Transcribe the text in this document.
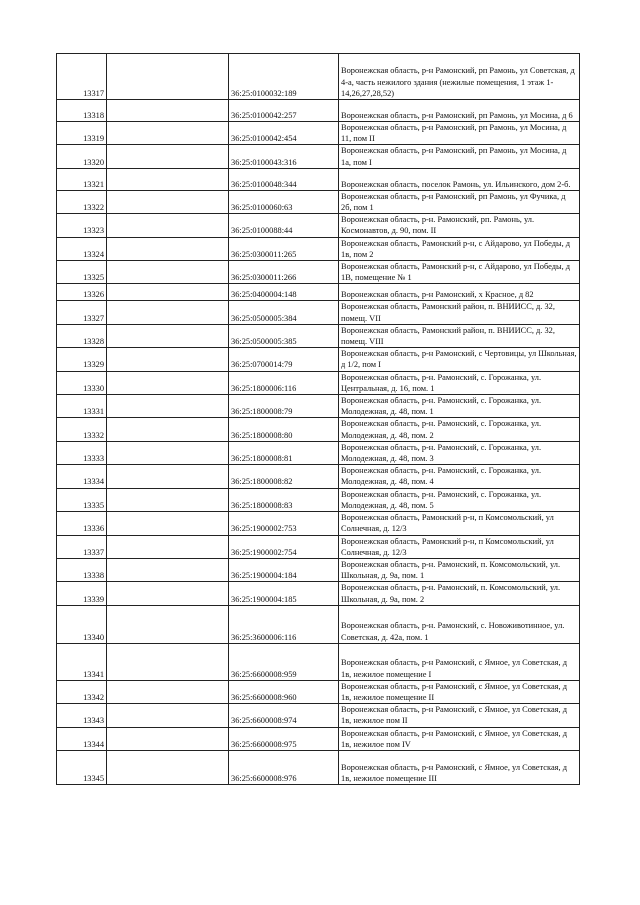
13317		36:25:0100032:189	Воронежская область, р-н Рамонский, рп Рамонь, ул Советская, д 4-а, часть нежилого здания (нежилые помещения, 1 этаж 1-14,26,27,28,52)
13318		36:25:0100042:257	Воронежская область, р-н Рамонский, рп Рамонь, ул Мосина, д 6
13319		36:25:0100042:454	Воронежская область, р-н Рамонский, рп Рамонь, ул Мосина, д 11, пом II
13320		36:25:0100043:316	Воронежская область, р-н Рамонский, рп Рамонь, ул Мосина, д 1а, пом I
13321		36:25:0100048:344	Воронежская область, поселок Рамонь, ул. Ильинского, дом 2-б.
13322		36:25:0100060:63	Воронежская область, р-н Рамонский, рп Рамонь, ул Фучика, д 2б, пом 1
13323		36:25:0100088:44	Воронежская область, р-н. Рамонский, рп. Рамонь, ул. Космонавтов, д. 90, пом. II
13324		36:25:0300011:265	Воронежская область, Рамонский р-н, с Айдарово, ул Победы, д 1в, пом 2
13325		36:25:0300011:266	Воронежская область, Рамонский р-н, с Айдарово, ул Победы, д 1В, помещение № 1
13326		36:25:0400004:148	Воронежская область, р-н Рамонский, х Красное, д 82
13327		36:25:0500005:384	Воронежская область, Рамонский район, п. ВНИИСС, д. 32, помещ. VII
13328		36:25:0500005:385	Воронежская область, Рамонский район, п. ВНИИСС, д. 32, помещ. VIII
13329		36:25:0700014:79	Воронежская область, р-н Рамонский, с Чертовицы, ул Школьная, д 1/2, пом I
13330		36:25:1800006:116	Воронежская область, р-н. Рамонский, с. Горожанка, ул. Центральная, д. 16, пом. 1
13331		36:25:1800008:79	Воронежская область, р-н. Рамонский, с. Горожанка, ул. Молодежная, д. 48, пом. 1
13332		36:25:1800008:80	Воронежская область, р-н. Рамонский, с. Горожанка, ул. Молодежная, д. 48, пом. 2
13333		36:25:1800008:81	Воронежская область, р-н. Рамонский, с. Горожанка, ул. Молодежная, д. 48, пом. 3
13334		36:25:1800008:82	Воронежская область, р-н. Рамонский, с. Горожанка, ул. Молодежная, д. 48, пом. 4
13335		36:25:1800008:83	Воронежская область, р-н. Рамонский, с. Горожанка, ул. Молодежная, д. 48, пом. 5
13336		36:25:1900002:753	Воронежская область, Рамонский р-н, п Комсомольский, ул Солнечная, д. 12/3
13337		36:25:1900002:754	Воронежская область, Рамонский р-н, п Комсомольский, ул Солнечная, д. 12/3
13338		36:25:1900004:184	Воронежская область, р-н. Рамонский, п. Комсомольский, ул. Школьная, д. 9а, пом. 1
13339		36:25:1900004:185	Воронежская область, р-н. Рамонский, п. Комсомольский, ул. Школьная, д. 9а, пом. 2
13340		36:25:3600006:116	Воронежская область, р-н. Рамонский, с. Новоживотинное, ул. Советская, д. 42а, пом. 1
13341		36:25:6600008:959	Воронежская область, р-н Рамонский, с Ямное, ул Советская, д 1в, нежилое помещение I
13342		36:25:6600008:960	Воронежская область, р-н Рамонский, с Ямное, ул Советская, д 1в, нежилое помещение II
13343		36:25:6600008:974	Воронежская область, р-н Рамонский, с Ямное, ул Советская, д 1в, нежилое пом II
13344		36:25:6600008:975	Воронежская область, р-н Рамонский, с Ямное, ул Советская, д 1в, нежилое пом IV
13345		36:25:6600008:976	Воронежская область, р-н Рамонский, с Ямное, ул Советская, д 1в, нежилое помещение III
